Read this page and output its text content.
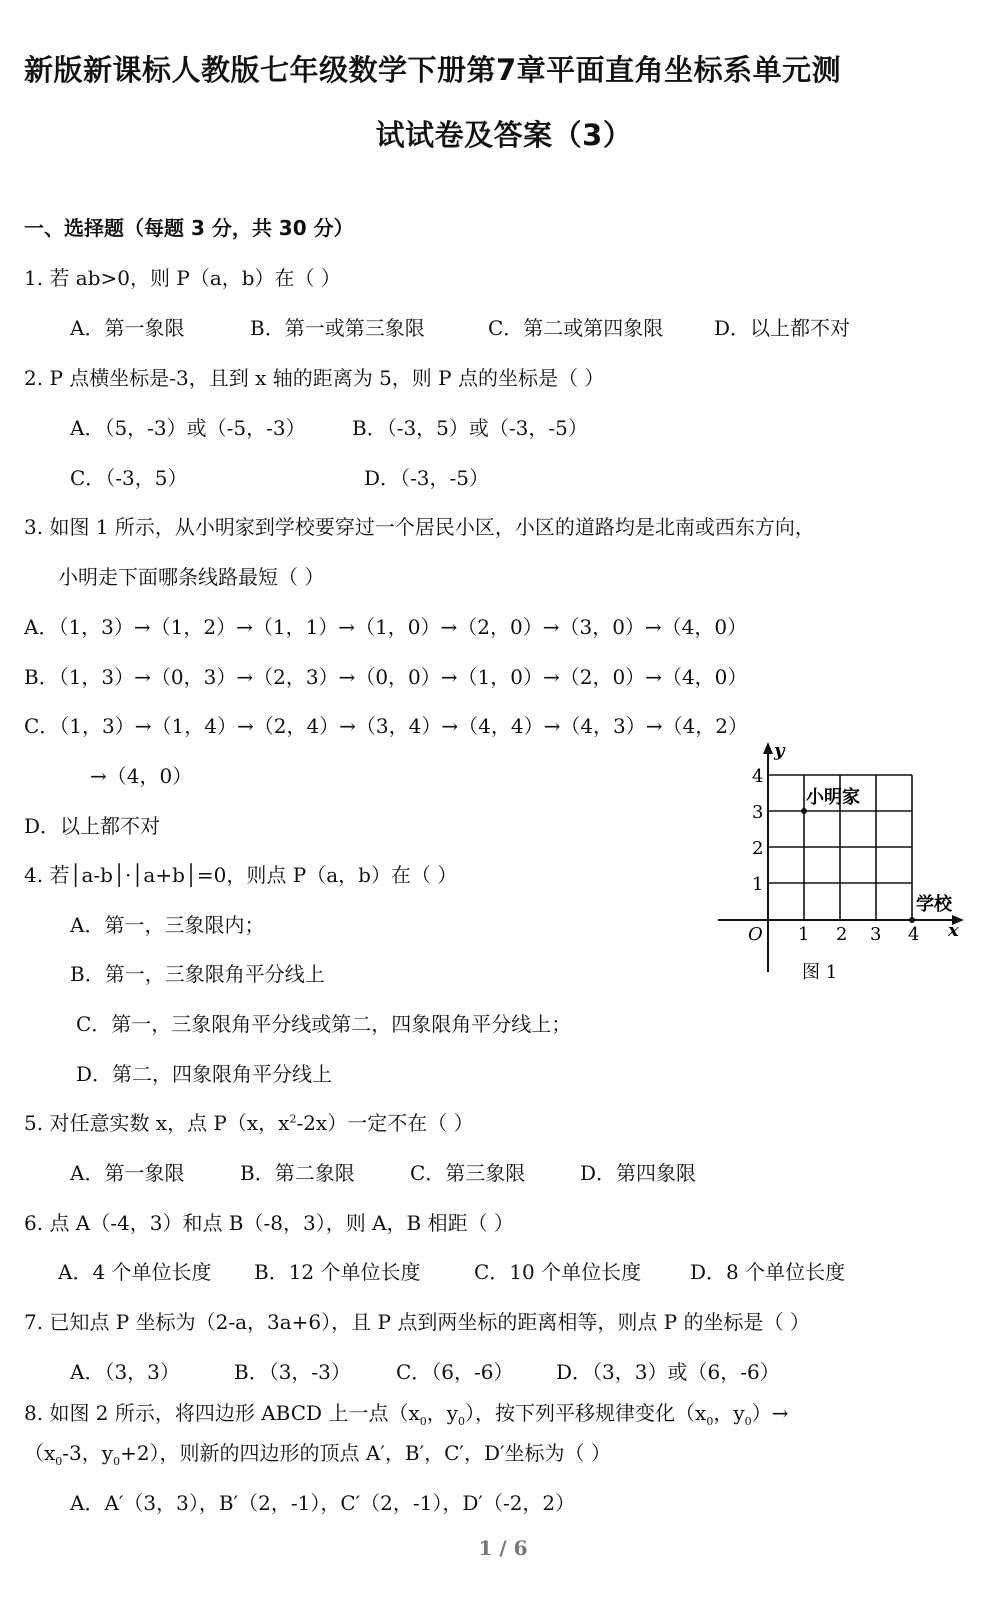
新版新课标人教版七年级数学下册第7章平面直角坐标系单元测
试试卷及答案（3）
一、选择题（每题 3 分，共 30 分）
1. 若 ab>0，则 P（a，b）在（ ）
A．第一象限	B．第一或第三象限	C．第二或第四象限	D．以上都不对
2. P 点横坐标是-3，且到 x 轴的距离为 5，则 P 点的坐标是（ ）
A．（5，-3）或（-5，-3） B．（-3，5）或（-3，-5）
C．（-3，5）	D．（-3，-5）
3. 如图 1 所示，从小明家到学校要穿过一个居民小区，小区的道路均是北南或西东方向，
小明走下面哪条线路最短（ ）
A．（1，3）→（1，2）→（1，1）→（1，0）→（2，0）→（3，0）→（4，0）
B．（1，3）→（0，3）→（2，3）→（0，0）→（1，0）→（2，0）→（4，0）
C．（1，3）→（1，4）→（2，4）→（3，4）→（4，4）→（4，3）→（4，2）
→（4，0）
D．以上都不对
y
x
O 1 2 3 4
1
2
3
4
小明家
学校
图 1
4. 若│a-b│·│a+b│=0，则点 P（a，b）在（ ）
A．第一，三象限内；
B．第一，三象限角平分线上
C．第一，三象限角平分线或第二，四象限角平分线上；
D．第二，四象限角平分线上
5. 对任意实数 x，点 P（x，$x^2-2x$）一定不在（ ）
A．第一象限	B．第二象限	C．第三象限	D．第四象限
6. 点 A（-4，3）和点 B（-8，3），则 A，B 相距（ ）
A．4 个单位长度 B．12 个单位长度	C．10 个单位长度 D．8 个单位长度
7. 已知点 P 坐标为（2-a，3a+6），且 P 点到两坐标的距离相等，则点 P 的坐标是（ ）
A．（3，3）	B．（3，-3） C．（6，-6） D．（3，3）或（6，-6）
8. 如图 2 所示，将四边形 ABCD 上一点（$x_0$，$y_0$），按下列平移规律变化（$x_0$，$y_0)\to$
（$x_0-3$，$y_0+2$），则新的四边形的顶点 A′，B′，C′，D′坐标为（ ）
A．A′（3，3），B′（2，-1），C′（2，-1），D′（-2，2）
1 / 6
